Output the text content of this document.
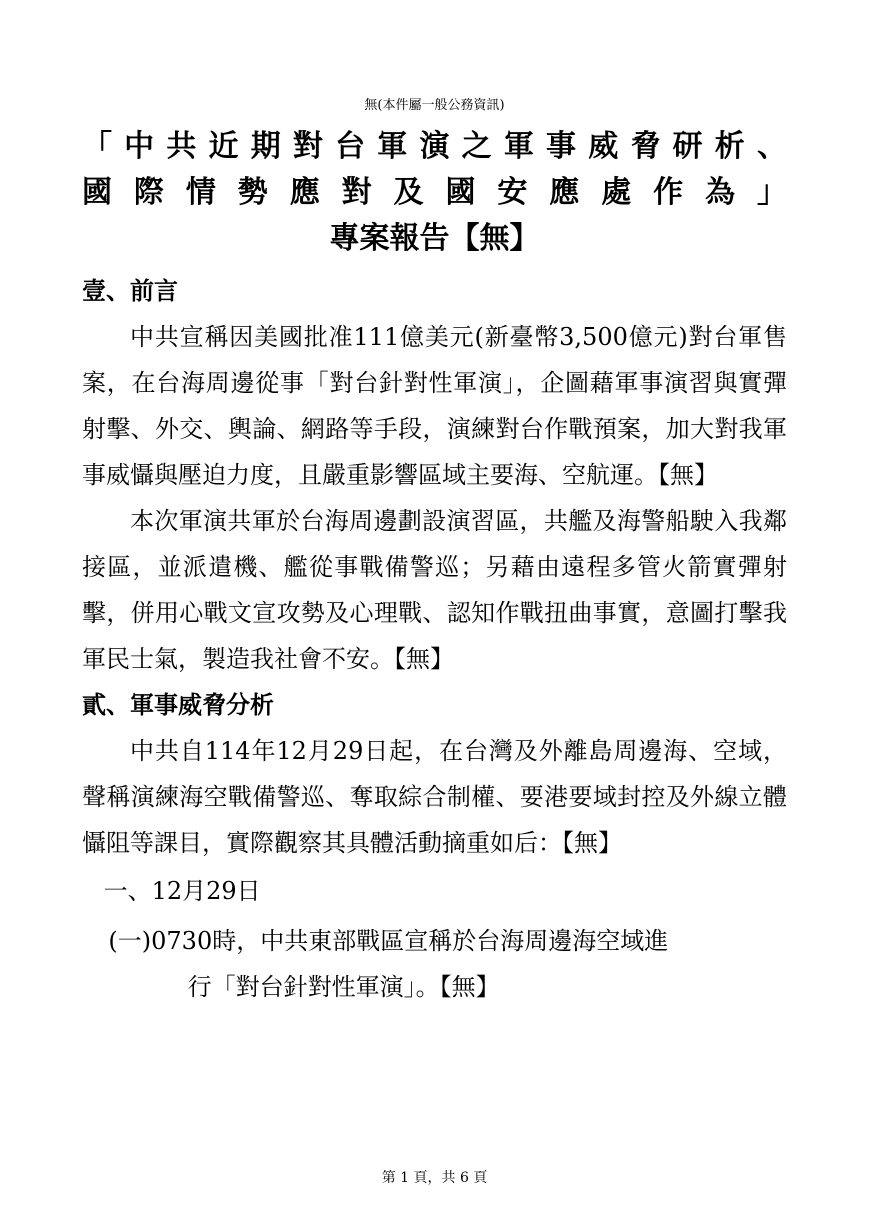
無(本件屬一般公務資訊)
「中共近期對台軍演之軍事威脅研析、
國際情勢應對及國安應處作為」
專案報告【無】
壹、前言
中共宣稱因美國批准111億美元(新臺幣3,500億元)對台軍售案，在台海周邊從事「對台針對性軍演」，企圖藉軍事演習與實彈射擊、外交、輿論、網路等手段，演練對台作戰預案，加大對我軍事威懾與壓迫力度，且嚴重影響區域主要海、空航運。【無】
本次軍演共軍於台海周邊劃設演習區，共艦及海警船駛入我鄰接區，並派遣機、艦從事戰備警巡；另藉由遠程多管火箭實彈射擊，併用心戰文宣攻勢及心理戰、認知作戰扭曲事實，意圖打擊我軍民士氣，製造我社會不安。【無】
貳、軍事威脅分析
中共自114年12月29日起，在台灣及外離島周邊海、空域，聲稱演練海空戰備警巡、奪取綜合制權、要港要域封控及外線立體懾阻等課目，實際觀察其具體活動摘重如后：【無】
一、12月29日
(一)0730時，中共東部戰區宣稱於台海周邊海空域進
行「對台針對性軍演」。【無】
第 1 頁，共 6 頁
